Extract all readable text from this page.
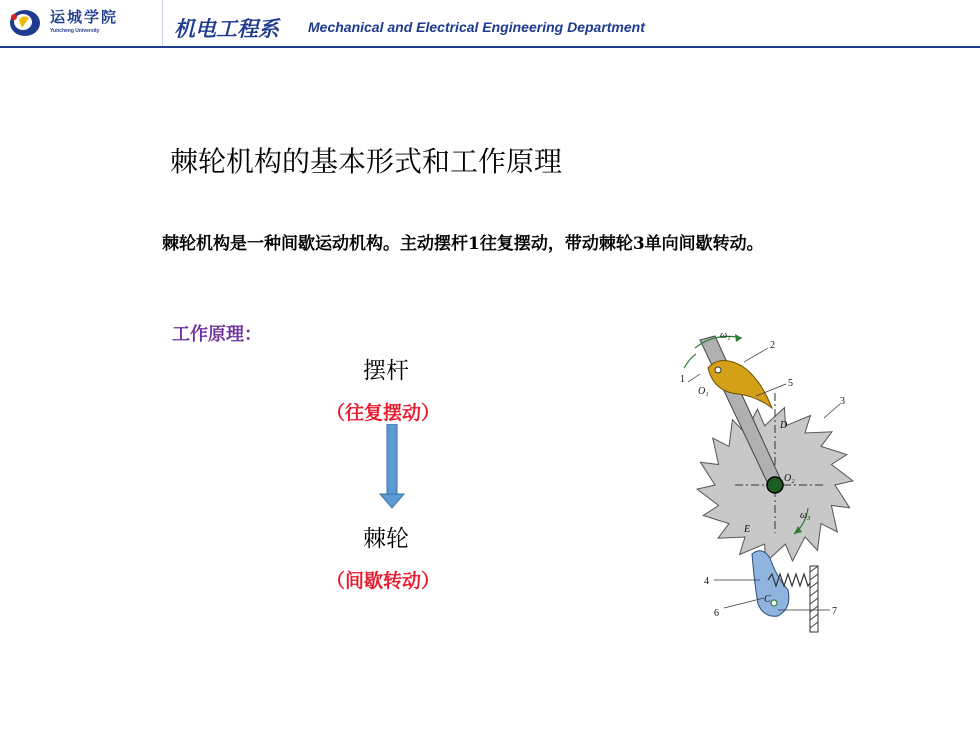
运城学院
Yuncheng University	机电工程系 Mechanical and Electrical Engineering Department
棘轮机构的基本形式和工作原理
棘轮机构是一种间歇运动机构。主动摆杆1往复摆动，带动棘轮3单向间歇转动。
工作原理：
摆杆
（往复摆动）
棘轮
（间歇转动）
ω₁
2
1
O₁
5
3
D
O₂
ω₃
E
4
C
6	7
